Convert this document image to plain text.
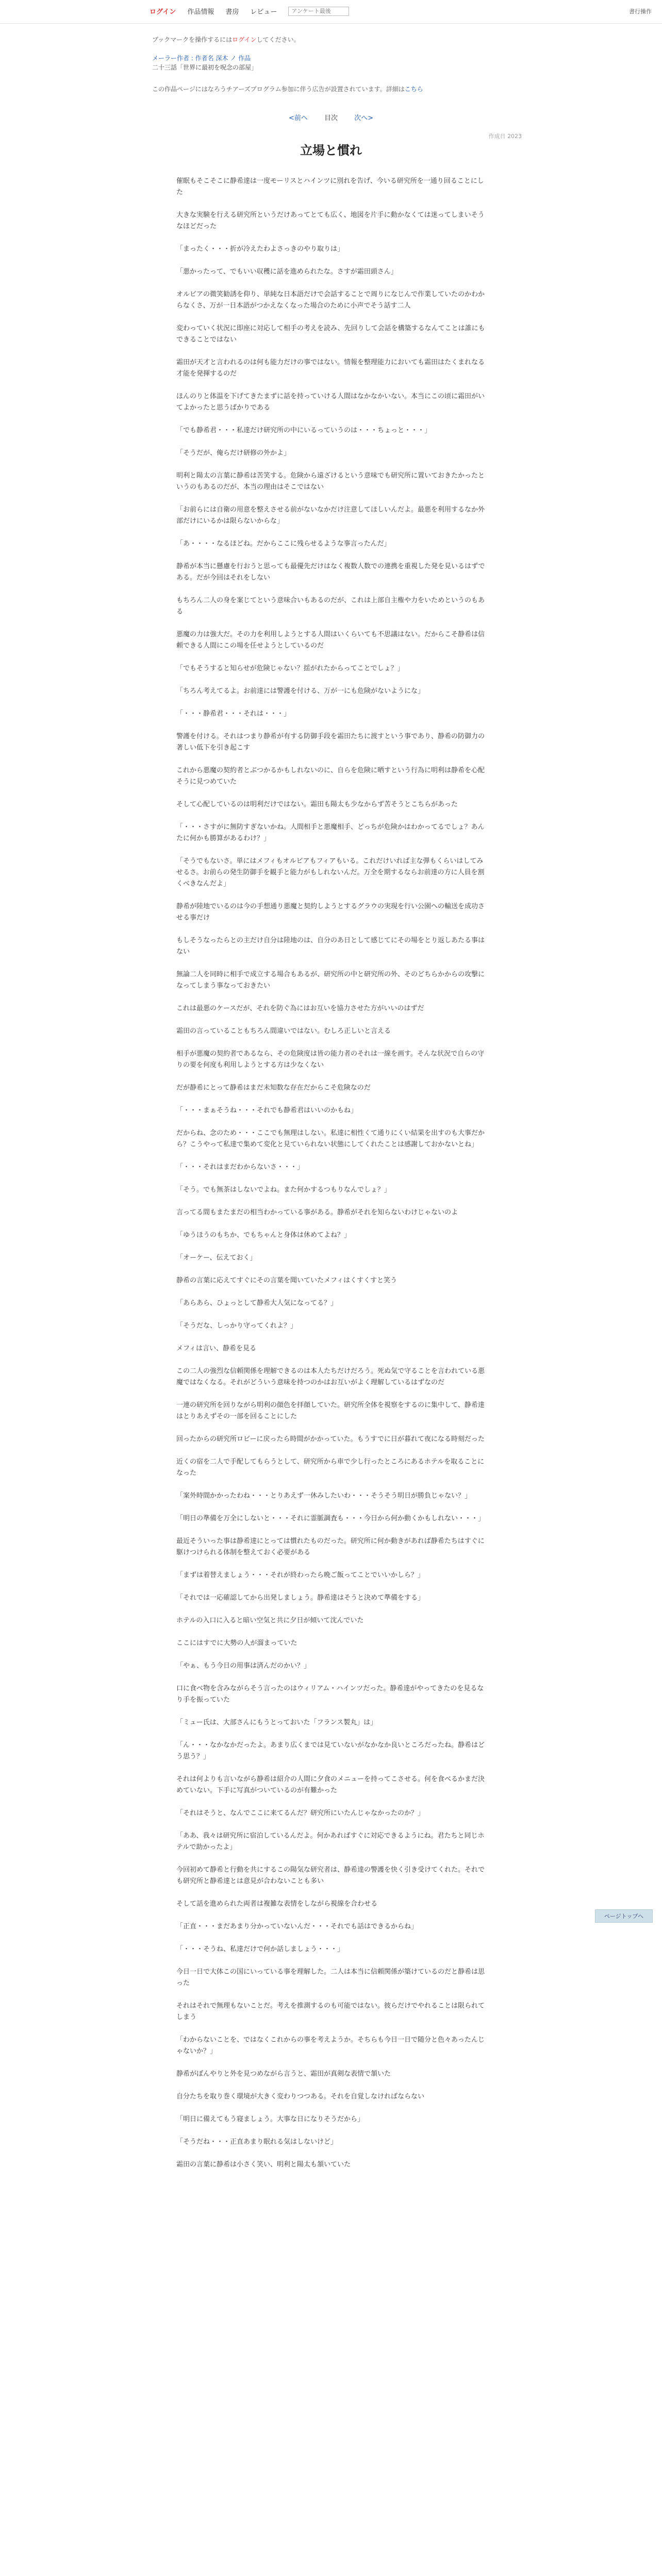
ログイン 作品情報 書房 レビュー
アンケート最後	書行操作
ブックマークを操作するにはログインしてください。
メーラー作者 : 作者名 深木 ノ 作品
二十三話「世界に最初を呪念の部屋」
この作品ページにはなろうチアーズプログラム参加に伴う広告が設置されています。詳細はこちら
<前へ 目次 次へ>
作成日 2023
立場と慣れ

催眠もそこそこに静希達は一度モーリスとハインツに別れを告げ、今いる研究所を一通り回ることにした

大きな実験を行える研究所というだけあってとても広く、地図を片手に動かなくては迷ってしまいそうなほどだった

「まったく・・・折が冷えたわよさっきのやり取りは」

「悪かったって、でもいい収穫に話を進められたな。さすが霜田頭さん」

オルビアの微笑勧誘を仰り、単純な日本語だけで会話することで周りになじんで作業していたのかわからなくさ、万が一日本語がつかえなくなった場合のために小声でそう話す二人

変わっていく状況に即座に対応して相手の考えを読み、先回りして会話を構築するなんてことは誰にもできることではない

霜田が天才と言われるのは何も能力だけの事ではない。情報を整理能力においても霜田はたくまれなる才能を発揮するのだ

ほんのりと体温を下げてきたまずに話を持っていける人間はなかなかいない。本当にこの頃に霜田がいてよかったと思うばかりである

「でも静希君・・・私達だけ研究所の中にいるっていうのは・・・ちょっと・・・」

「そうだが、俺らだけ研修の外かよ」

明利と陽太の言葉に静希は苦笑する。危険から遠ざけるという意味でも研究所に置いておきたかったというのもあるのだが、本当の理由はそこではない

「お前らには自衛の用意を整えさせる前がないなかだけ注意してほしいんだよ。最悪を利用するなか外部だけにいるかは限らないからな」

「あ・・・・なるほどね。だからここに残らせるような事言ったんだ」

静希が本当に懸慮を行おうと思っても最優先だけはなく複数人数での連携を重視した発を見いるはずである。だが今回はそれをしない

もちろん二人の身を案じてという意味合いもあるのだが、これは上部自主権や力をいためというのもある

悪魔の力は強大だ。その力を利用しようとする人間はいくらいても不思議はない。だからこそ静希は信頼できる人間にこの場を任せようとしているのだ

「でもそうすると知らせが危険じゃない？揺がれたからってことでしょ？」

「ちろん考えてるよ。お前達には警護を付ける、万が一にも危険がないようにな」

「・・・静希君・・・それは・・・」

警護を付ける。それはつまり静希が有する防御手段を霜田たちに渡すという事であり、静希の防御力の著しい低下を引き起こす

これから悪魔の契約者とぶつかるかもしれないのに、自らを危険に晒すという行為に明利は静希を心配そうに見つめていた

そして心配しているのは明利だけではない。霜田も陽太も少なからず苦そうとこちらがあった

「・・・さすがに無防すぎないかね。人間相手と悪魔相手、どっちが危険かはわかってるでしょ？あんたに何かも勝算があるわけ？」

「そうでもないさ。単にはメフィもオルビアもフィアもいる。これだけいれば主な弾もくらいはしてみせるさ。お前らの発生防御手を観手と能力がもしれないんだ。万全を期するならお前達の方に人員を割くべきなんだよ」

静希が陸地でいるのは今の手想通り悪魔と契約しようとするグラウの実現を行い公園への輸送を成功させる事だけ

もしそうなったらとの主だけ自分は陸地のは、自分のあ日として感じてにその場をとり返しあたる事はない

無論二人を同時に相手で成立する場合もあるが、研究所の中と研究所の外、そのどちらかからの攻撃になってしまう事なっておきたい

これは最悪のケースだが、それを防ぐ為にはお互いを協力させた方がいいのはずだ

霜田の言っていることもちろん間違いではない。むしろ正しいと言える

相手が悪魔の契約者であるなら、その危険度は皆の能力者のそれは一線を画す。そんな状況で自らの守りの要を何度も利用しようとする方は少なくない

だが静希にとって静希はまだ未知数な存在だからこそ危険なのだ

「・・・まぁそうね・・・それでも静希君はいいのかもね」

だからね、念のため・・・ここでも無理はしない。私達に相性くて通りにくい結果を出すのも大事だから？こうやって私達で集めて変化と見ていられない状態にしてくれたことは感謝しておかないとね」

「・・・それはまだわからないさ・・・」

「そう。でも無茶はしないでよね。また何かするつもりなんでしょ？」

言ってる間もまたまだの相当わかっている事がある。静希がそれを知らないわけじゃないのよ

「ゆうほうのもちか、でもちゃんと身体は休めてよね？」

「オーケー、伝えておく」

静希の言葉に応えてすぐにその言葉を聞いていたメフィはくすくすと笑う

「あらあら、ひょっとして静希大人気になってる？」

「そうだな、しっかり守ってくれよ？」

メフィは言い、静希を見る

この二人の強烈な信頼関係を理解できるのは本人たちだけだろう。死ぬ気で守ることを言われている悪魔ではなくなる。それがどういう意味を持つのかはお互いがよく理解しているはずなのだ

一連の研究所を回りながら明利の顔色を拝顔していた。研究所全体を視察をするのに集中して、静希達はとりあえずその一部を回ることにした

回ったからの研究所ロビーに戻ったら時間がかかっていた。もうすでに日が暮れて夜になる時刻だった

近くの宿を二人で手配してもらうとして、研究所から車で少し行ったところにあるホテルを取ることになった

「案外時間かかったわね・・・とりあえず一休みしたいわ・・・そうそう明日が勝負じゃない？」

「明日の準備を万全にしないと・・・それに霊脈調査も・・・今日から何か動くかもしれない・・・」

最近そういった事は静希達にとっては慣れたものだった。研究所に何か動きがあれば静希たちはすぐに駆けつけられる体制を整えておく必要がある

「まずは着替えましょう・・・それが終わったら晩ご飯ってことでいいかしら？」

「それでは一応確認してから出発しましょう。静希達はそうと決めて準備をする」

ホテルの入口に入ると暗い空気と共に夕日が傾いて沈んでいた

ここにはすでに大勢の人が溜まっていた

「やぁ、もう今日の用事は済んだのかい？」

口に食べ物を含みながらそう言ったのはウィリアム・ハインツだった。静希達がやってきたのを見るなり手を振っていた

「ミュー氏は、大部さんにもうとっておいた「フランス製丸」は」

「ん・・・なかなかだったよ。あまり広くまでは見ていないがなかなか良いところだったね。静希はどう思う？」

それは何よりも言いながら静希は紹介の人間に夕食のメニューを持ってこさせる。何を食べるかまだ決めていない。下手に写真がついているのが有難かった

「それはそうと、なんでここに来てるんだ？研究所にいたんじゃなかったのか？」

「ああ、我々は研究所に宿泊しているんだよ。何かあればすぐに対応できるようにね。君たちと同じホテルで助かったよ」

今回初めて静希と行動を共にするこの陽気な研究者は、静希達の警護を快く引き受けてくれた。それでも研究所と静希達とは意見が合わないことも多い

そして話を進められた両者は複雑な表情をしながら視線を合わせる

「正直・・・まだあまり分かっていないんだ・・・それでも話はできるからね」

「・・・そうね、私達だけで何か話しましょう・・・」

今日一日で大体この国にいっている事を理解した。二人は本当に信頼関係が築けているのだと静希は思った

それはそれで無理もないことだ。考えを推測するのも可能ではない。彼らだけでやれることは限られてしまう

「わからないことを、ではなくこれからの事を考えようか。そちらも今日一日で随分と色々あったんじゃないか？」

静希がぼんやりと外を見つめながら言うと、霜田が真剣な表情で頷いた

自分たちを取り巻く環境が大きく変わりつつある。それを自覚しなければならない

「明日に備えてもう寝ましょう。大事な日になりそうだから」

「そうだね・・・正直あまり眠れる気はしないけど」

霜田の言葉に静希は小さく笑い、明利と陽太も頷いていた

ページトップへ
